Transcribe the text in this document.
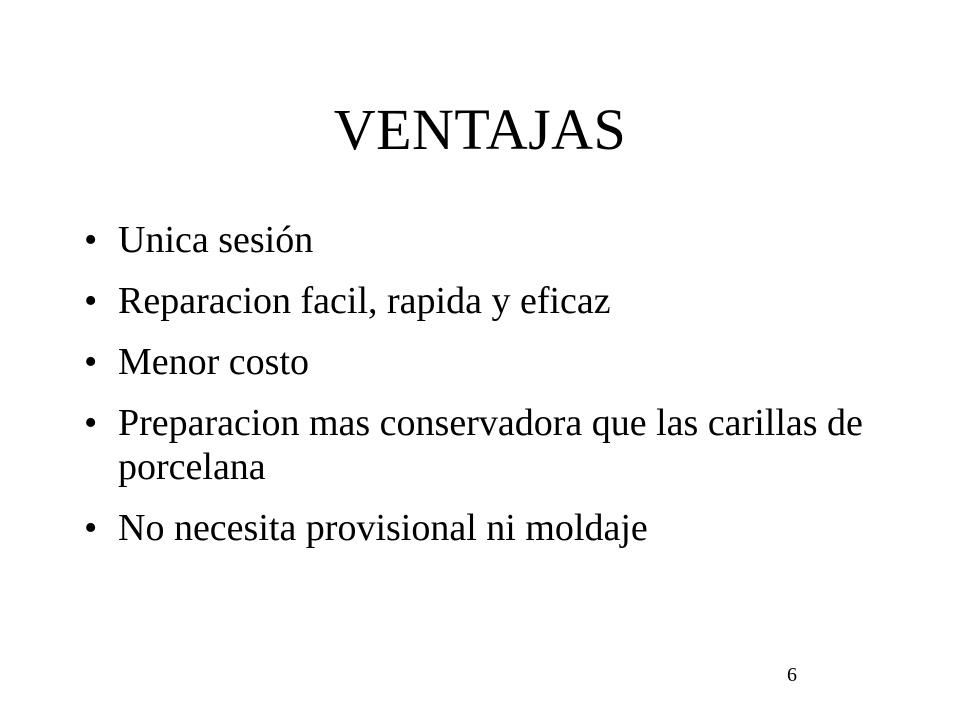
VENTAJAS
• Unica sesión
• Reparacion facil, rapida y eficaz
• Menor costo
• Preparacion mas conservadora que las carillas de porcelana
• No necesita provisional ni moldaje
6
